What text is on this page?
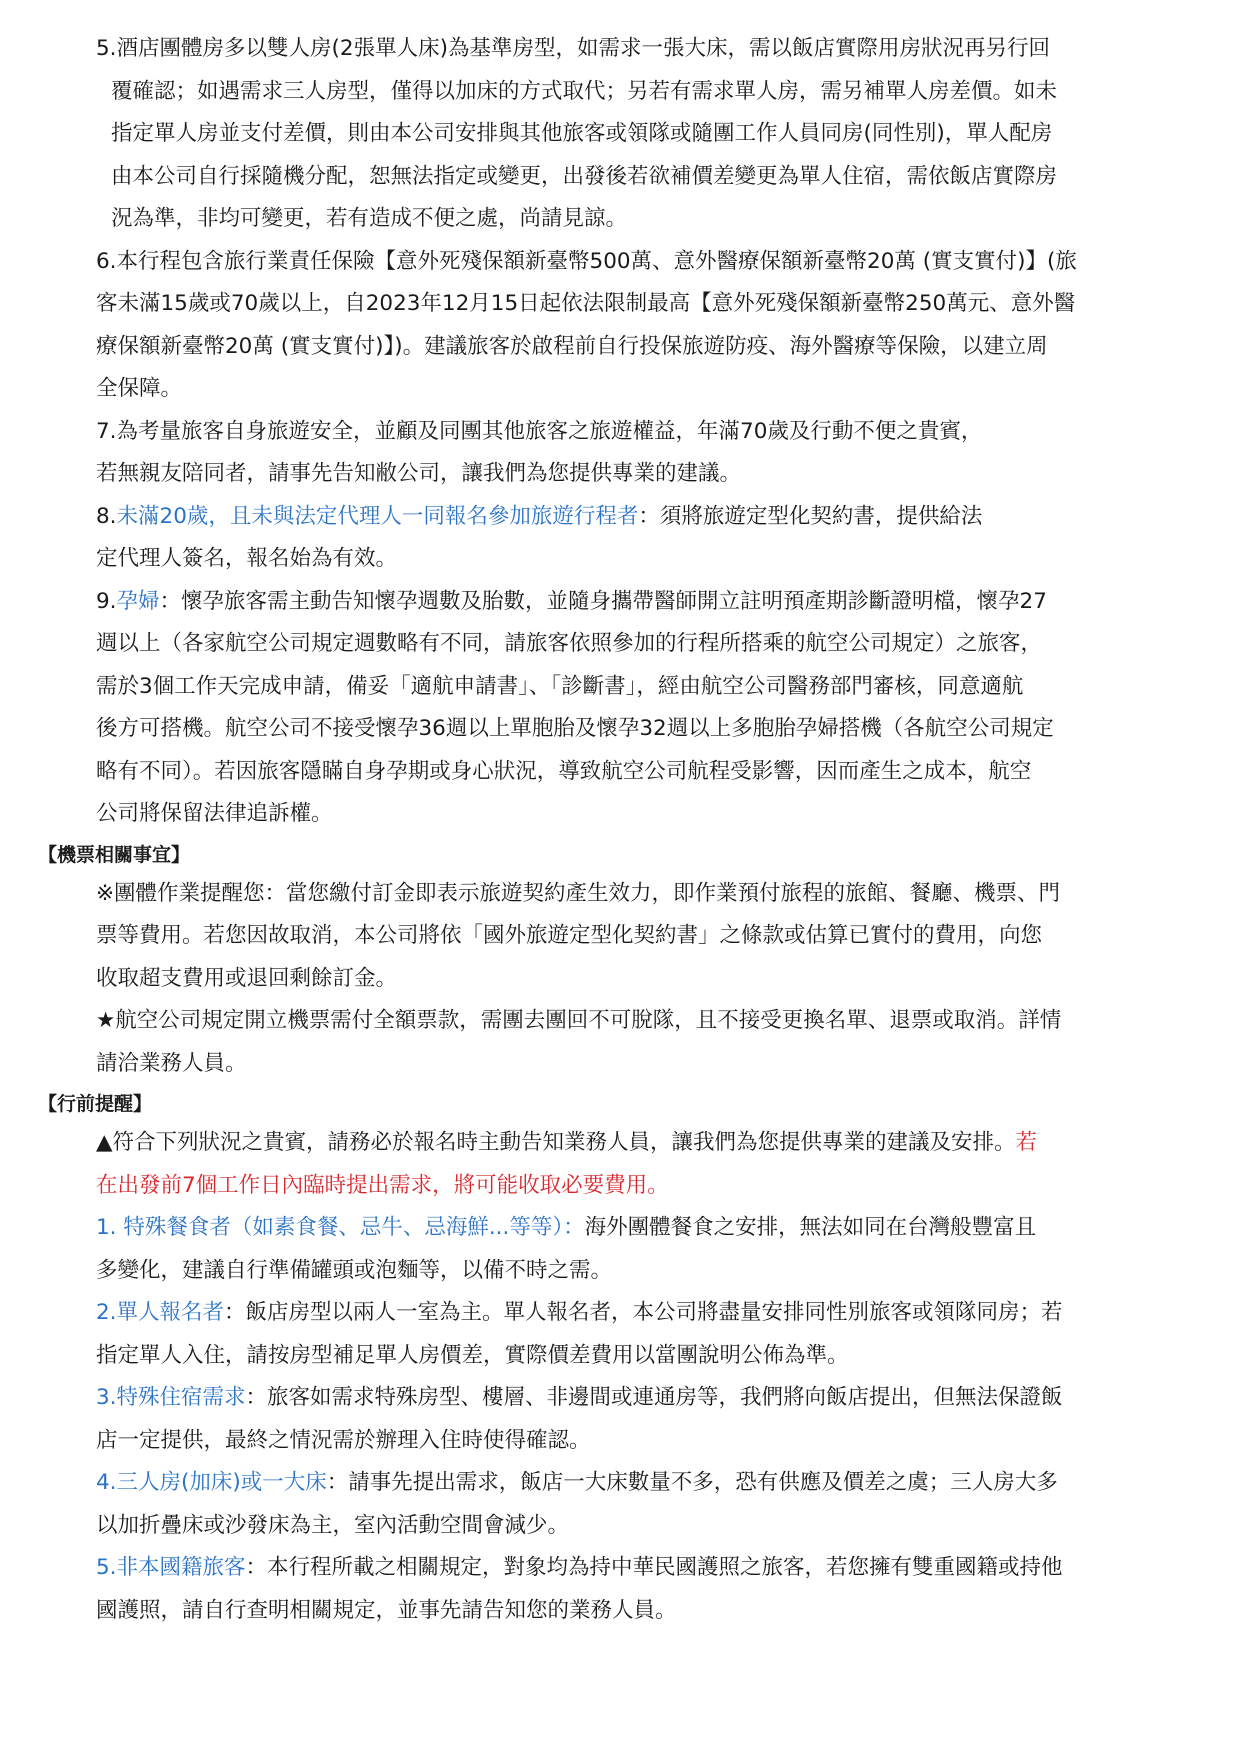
5.酒店團體房多以雙人房(2張單人床)為基準房型，如需求一張大床，需以飯店實際用房狀況再另行回

覆確認；如遇需求三人房型，僅得以加床的方式取代；另若有需求單人房，需另補單人房差價。如未

指定單人房並支付差價，則由本公司安排與其他旅客或領隊或隨團工作人員同房(同性別)，單人配房

由本公司自行採隨機分配，恕無法指定或變更，出發後若欲補價差變更為單人住宿，需依飯店實際房

況為準，非均可變更，若有造成不便之處，尚請見諒。

6.本行程包含旅行業責任保險【意外死殘保額新臺幣500萬、意外醫療保額新臺幣20萬 (實支實付)】(旅

客未滿15歲或70歲以上，自2023年12月15日起依法限制最高【意外死殘保額新臺幣250萬元、意外醫

療保額新臺幣20萬 (實支實付)】)。建議旅客於啟程前自行投保旅遊防疫、海外醫療等保險，以建立周

全保障。

7.為考量旅客自身旅遊安全，並顧及同團其他旅客之旅遊權益，年滿70歲及行動不便之貴賓，

若無親友陪同者，請事先告知敝公司，讓我們為您提供專業的建議。

8.未滿20歲，且未與法定代理人一同報名參加旅遊行程者：須將旅遊定型化契約書，提供給法

定代理人簽名，報名始為有效。

9.孕婦：懷孕旅客需主動告知懷孕週數及胎數，並隨身攜帶醫師開立註明預產期診斷證明檔，懷孕27

週以上（各家航空公司規定週數略有不同，請旅客依照參加的行程所搭乘的航空公司規定）之旅客，

需於3個工作天完成申請，備妥「適航申請書」、「診斷書」，經由航空公司醫務部門審核，同意適航

後方可搭機。航空公司不接受懷孕36週以上單胞胎及懷孕32週以上多胞胎孕婦搭機（各航空公司規定

略有不同）。若因旅客隱瞞自身孕期或身心狀況，導致航空公司航程受影響，因而產生之成本，航空

公司將保留法律追訴權。

【機票相關事宜】

※團體作業提醒您：當您繳付訂金即表示旅遊契約產生效力，即作業預付旅程的旅館、餐廳、機票、門

票等費用。若您因故取消，本公司將依「國外旅遊定型化契約書」之條款或估算已實付的費用，向您

收取超支費用或退回剩餘訂金。

★航空公司規定開立機票需付全額票款，需團去團回不可脫隊，且不接受更換名單、退票或取消。詳情

請洽業務人員。

【行前提醒】

▲符合下列狀況之貴賓，請務必於報名時主動告知業務人員，讓我們為您提供專業的建議及安排。若

在出發前7個工作日內臨時提出需求，將可能收取必要費用。

1. 特殊餐食者（如素食餐、忌牛、忌海鮮...等等）：海外團體餐食之安排，無法如同在台灣般豐富且

多變化，建議自行準備罐頭或泡麵等，以備不時之需。

2.單人報名者：飯店房型以兩人一室為主。單人報名者，本公司將盡量安排同性別旅客或領隊同房；若

指定單人入住，請按房型補足單人房價差，實際價差費用以當團說明公佈為準。

3.特殊住宿需求：旅客如需求特殊房型、樓層、非邊間或連通房等，我們將向飯店提出，但無法保證飯

店一定提供，最終之情況需於辦理入住時使得確認。

4.三人房(加床)或一大床：請事先提出需求，飯店一大床數量不多，恐有供應及價差之虞；三人房大多

以加折疊床或沙發床為主，室內活動空間會減少。

5.非本國籍旅客：本行程所載之相關規定，對象均為持中華民國護照之旅客，若您擁有雙重國籍或持他

國護照，請自行查明相關規定，並事先請告知您的業務人員。
